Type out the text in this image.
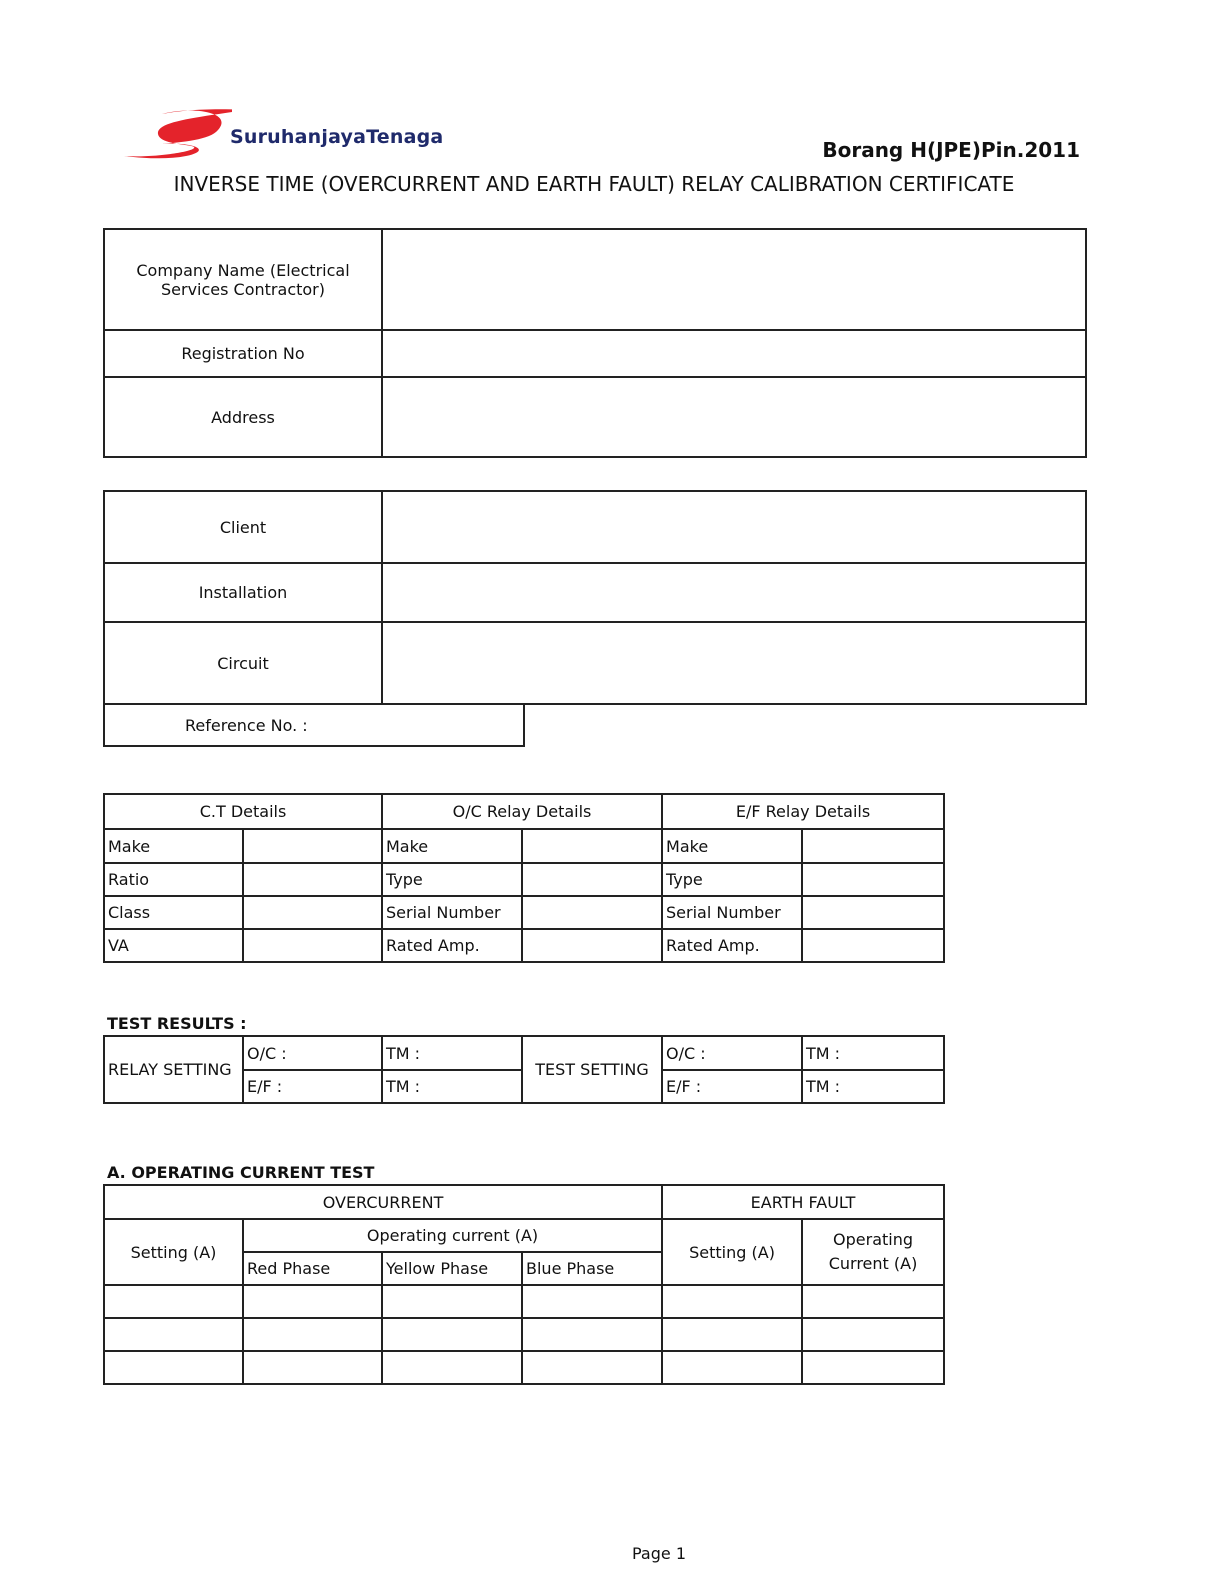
SuruhanjayaTenaga
Borang H(JPE)Pin.2011
INVERSE TIME (OVERCURRENT AND EARTH FAULT) RELAY CALIBRATION CERTIFICATE
Company Name (Electrical Services Contractor)	
Registration No	
Address	
Client	
Installation	
Circuit	
Reference No. :
C.T Details		O/C Relay Details		E/F Relay Details	
Make		Make		Make	
Ratio		Type		Type	
Class		Serial Number		Serial Number	
VA		Rated Amp.		Rated Amp.	
TEST RESULTS :
RELAY SETTING	O/C :	TM :	TEST SETTING	O/C :	TM :
	E/F :	TM :		E/F :	TM :
A. OPERATING CURRENT TEST
OVERCURRENT				EARTH FAULT	
Setting (A)	Operating current (A)			Setting (A)	Operating Current (A)
	Red Phase	Yellow Phase	Blue Phase		

Page 1
